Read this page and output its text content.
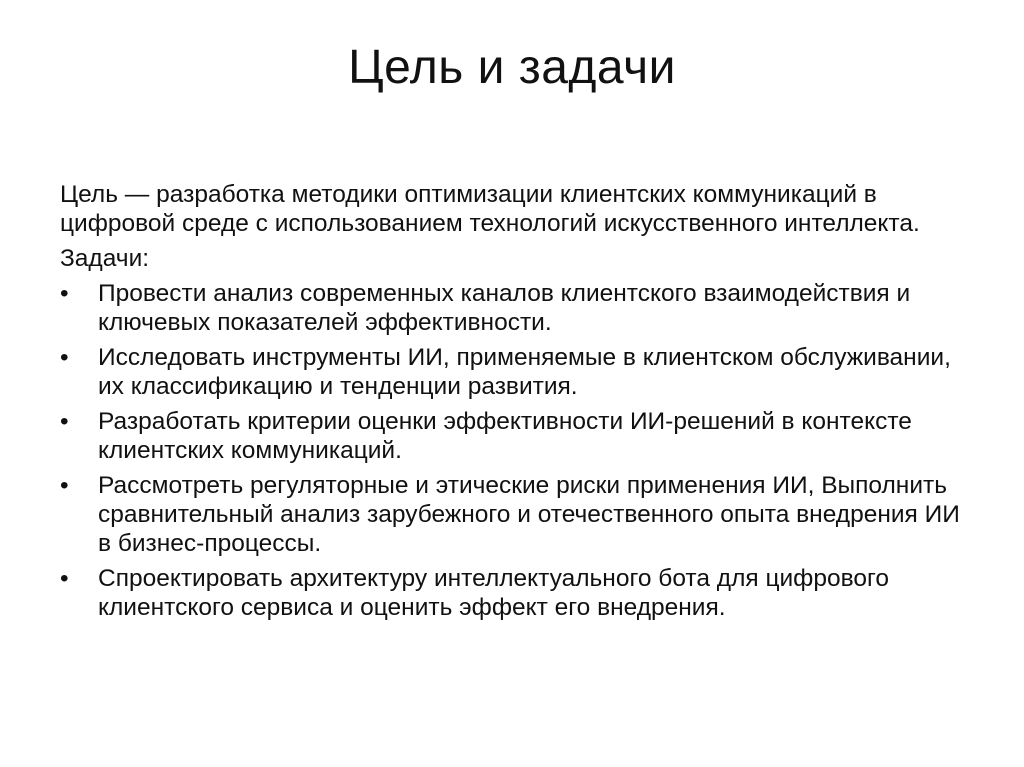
Цель и задачи

Цель — разработка методики оптимизации клиентских коммуникаций в цифровой среде с использованием технологий искусственного интеллекта.

Задачи:

•	Провести анализ современных каналов клиентского взаимодействия и ключевых показателей эффективности.
•	Исследовать инструменты ИИ, применяемые в клиентском обслуживании, их классификацию и тенденции развития.
•	Разработать критерии оценки эффективности ИИ-решений в контексте клиентских коммуникаций.
•	Рассмотреть регуляторные и этические риски применения ИИ, Выполнить сравнительный анализ зарубежного и отечественного опыта внедрения ИИ в бизнес-процессы.
•	Спроектировать архитектуру интеллектуального бота для цифрового клиентского сервиса и оценить эффект его внедрения.
